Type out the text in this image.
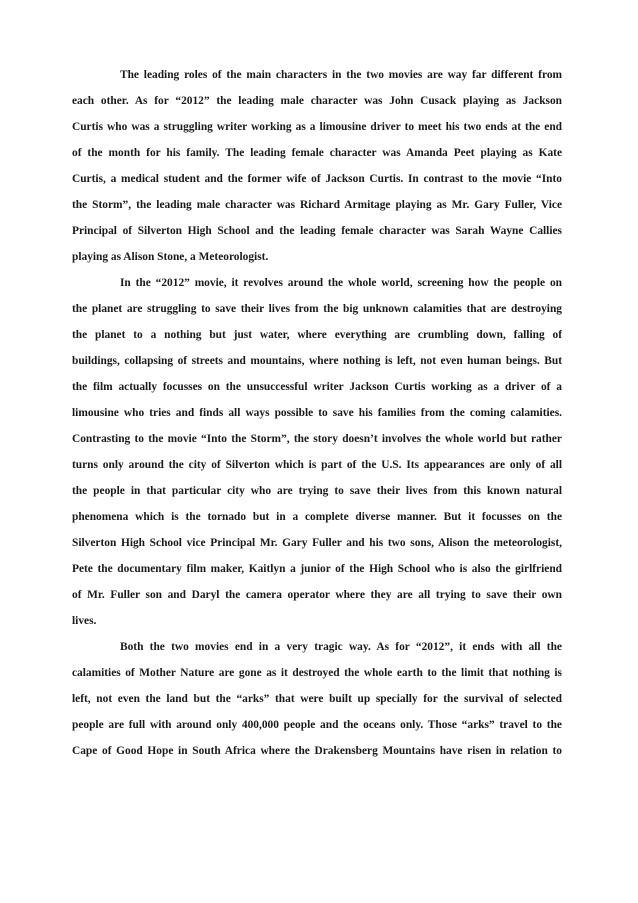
The leading roles of the main characters in the two movies are way far different from
each other. As for “2012” the leading male character was John Cusack playing as Jackson
Curtis who was a struggling writer working as a limousine driver to meet his two ends at the end
of the month for his family. The leading female character was Amanda Peet playing as Kate
Curtis, a medical student and the former wife of Jackson Curtis. In contrast to the movie “Into
the Storm”, the leading male character was Richard Armitage playing as Mr. Gary Fuller, Vice
Principal of Silverton High School and the leading female character was Sarah Wayne Callies
playing as Alison Stone, a Meteorologist.
In the “2012” movie, it revolves around the whole world, screening how the people on
the planet are struggling to save their lives from the big unknown calamities that are destroying
the planet to a nothing but just water, where everything are crumbling down, falling of
buildings, collapsing of streets and mountains, where nothing is left, not even human beings. But
the film actually focusses on the unsuccessful writer Jackson Curtis working as a driver of a
limousine who tries and finds all ways possible to save his families from the coming calamities.
Contrasting to the movie “Into the Storm”, the story doesn’t involves the whole world but rather
turns only around the city of Silverton which is part of the U.S. Its appearances are only of all
the people in that particular city who are trying to save their lives from this known natural
phenomena which is the tornado but in a complete diverse manner. But it focusses on the
Silverton High School vice Principal Mr. Gary Fuller and his two sons, Alison the meteorologist,
Pete the documentary film maker, Kaitlyn a junior of the High School who is also the girlfriend
of Mr. Fuller son and Daryl the camera operator where they are all trying to save their own
lives.
Both the two movies end in a very tragic way. As for “2012”, it ends with all the
calamities of Mother Nature are gone as it destroyed the whole earth to the limit that nothing is
left, not even the land but the “arks” that were built up specially for the survival of selected
people are full with around only 400,000 people and the oceans only. Those “arks” travel to the
Cape of Good Hope in South Africa where the Drakensberg Mountains have risen in relation to
